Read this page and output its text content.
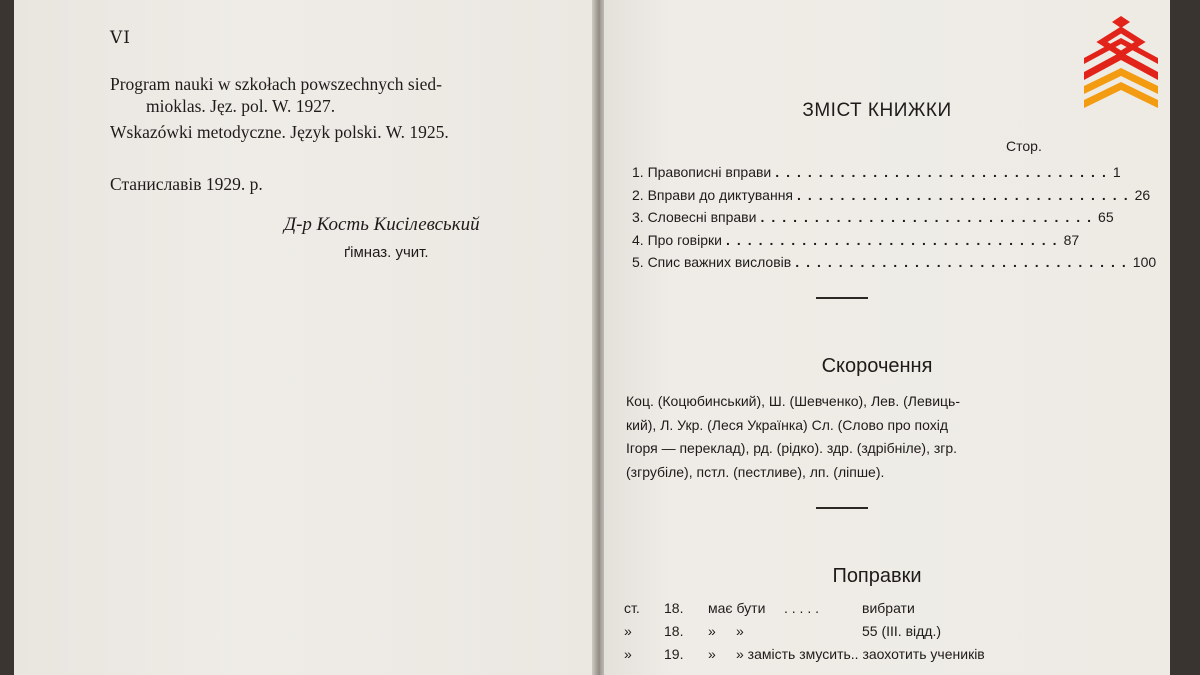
VI
Program nauki w szkołach powszechnych sied-
mioklas. Jęz. pol. W. 1927.
Wskazówki metodyczne. Język polski. W. 1925.
Станиславів 1929. р.
Д-р Кость Кисілевський
ґімназ. учит.
ЗМІСТ КНИЖКИ
Стор.
1. Правописні вправи ............................... 1
2. Вправи до диктування ............................... 26
3. Словесні вправи ............................... 65
4. Про говірки ............................... 87
5. Спис важних висловів ............................... 100
Скорочення
Коц. (Коцюбинський), Ш. (Шевченко), Лев. (Левиць-
кий), Л. Укр. (Леся Українка) Сл. (Слово про похід
Ігоря — переклад), рд. (рідко). здр. (здрібніле), згр.
(згрубіле), пстл. (пестливе), лп. (ліпше).
Поправки
ст. 18. має бути . . . . .	вибрати
» 18. » »	55 (III. відд.)
» 19. » » замість змусить.. заохотить учеників
